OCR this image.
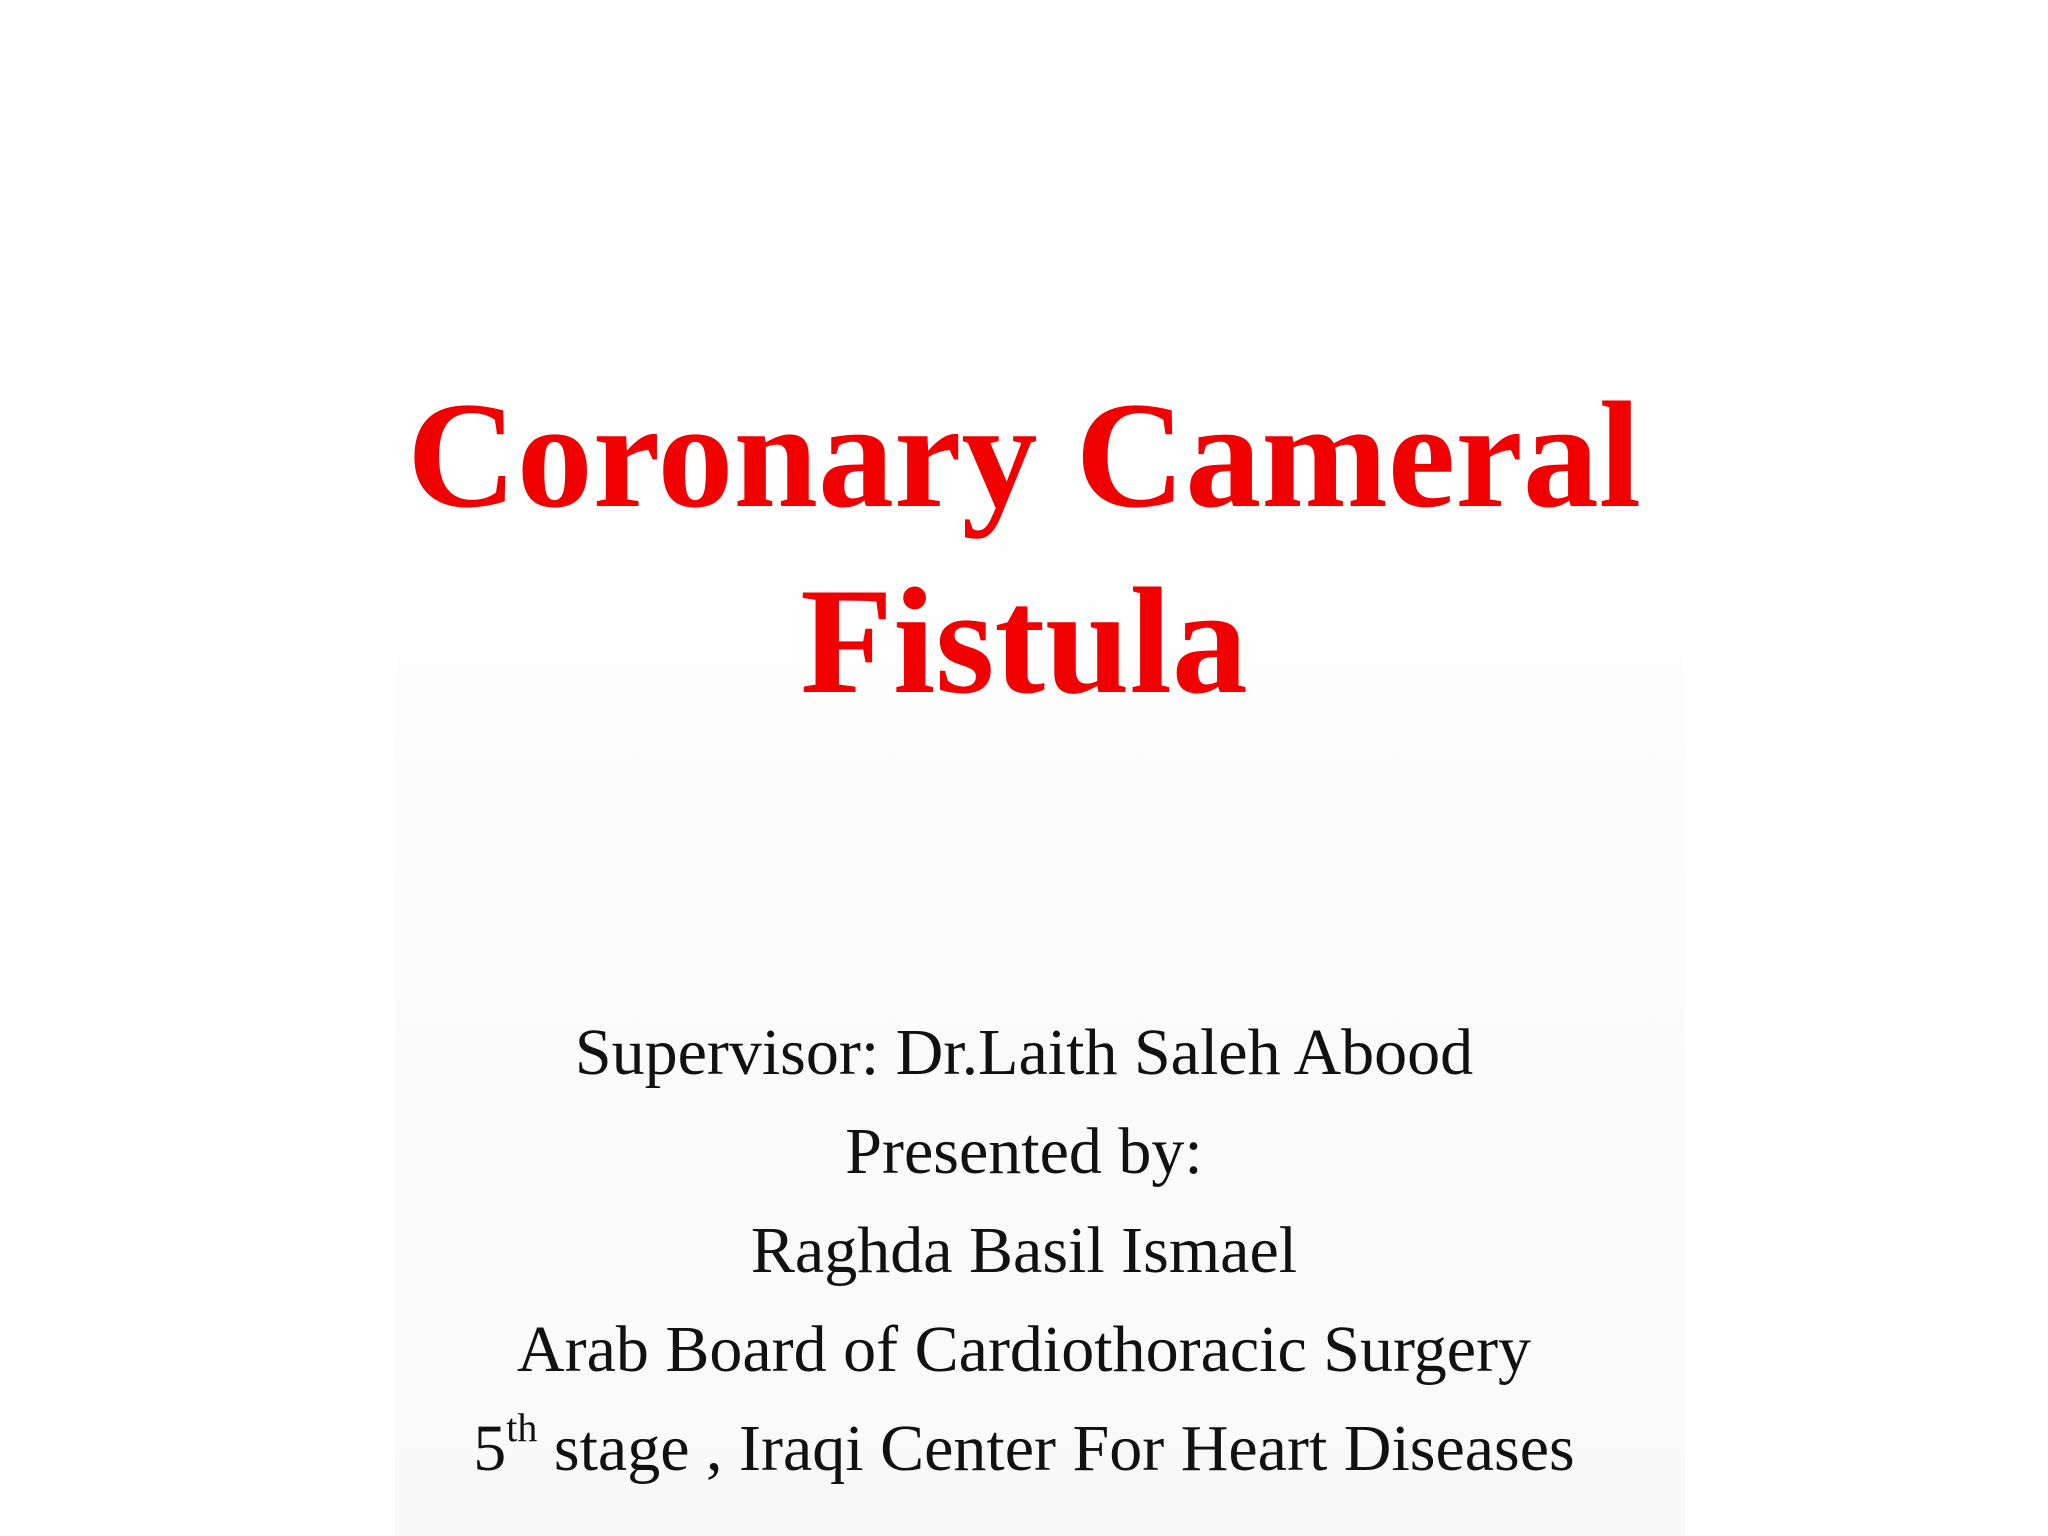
Coronary Cameral
Fistula
Supervisor: Dr.Laith Saleh Abood
Presented by:
Raghda Basil Ismael
Arab Board of Cardiothoracic Surgery
5th stage , Iraqi Center For Heart Diseases
